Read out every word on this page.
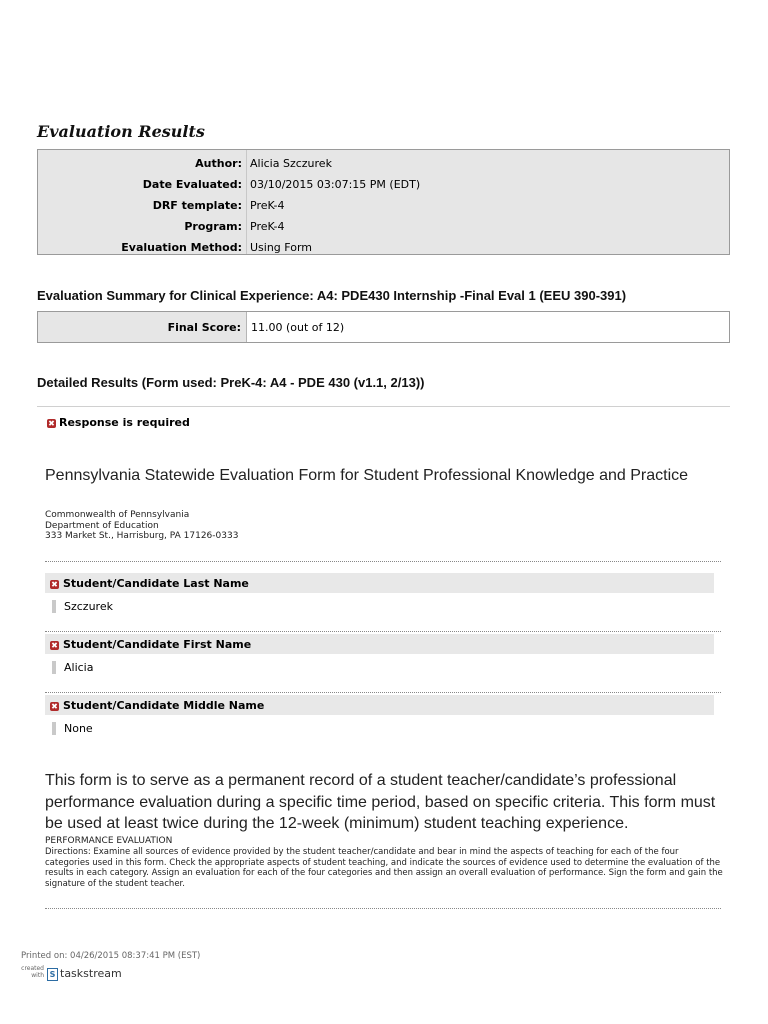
Evaluation Results
Author: Alicia Szczurek
Date Evaluated: 03/10/2015 03:07:15 PM (EDT)
DRF template: PreK-4
Program: PreK-4
Evaluation Method: Using Form
Evaluation Summary for Clinical Experience: A4: PDE430 Internship -Final Eval 1 (EEU 390-391)
Final Score: 11.00 (out of 12)
Detailed Results (Form used: PreK-4: A4 - PDE 430 (v1.1, 2/13))
✖ Response is required
Pennsylvania Statewide Evaluation Form for Student Professional Knowledge and Practice
Commonwealth of Pennsylvania
Department of Education
333 Market St., Harrisburg, PA 17126-0333
✖ Student/Candidate Last Name
Szczurek
✖ Student/Candidate First Name
Alicia
✖ Student/Candidate Middle Name
None
This form is to serve as a permanent record of a student teacher/candidate’s professional performance evaluation during a specific time period, based on specific criteria. This form must be used at least twice during the 12-week (minimum) student teaching experience.
PERFORMANCE EVALUATION
Directions: Examine all sources of evidence provided by the student teacher/candidate and bear in mind the aspects of teaching for each of the four categories used in this form. Check the appropriate aspects of student teaching, and indicate the sources of evidence used to determine the evaluation of the results in each category. Assign an evaluation for each of the four categories and then assign an overall evaluation of performance. Sign the form and gain the signature of the student teacher.
Printed on: 04/26/2015 08:37:41 PM (EST)
created
with S taskstream
